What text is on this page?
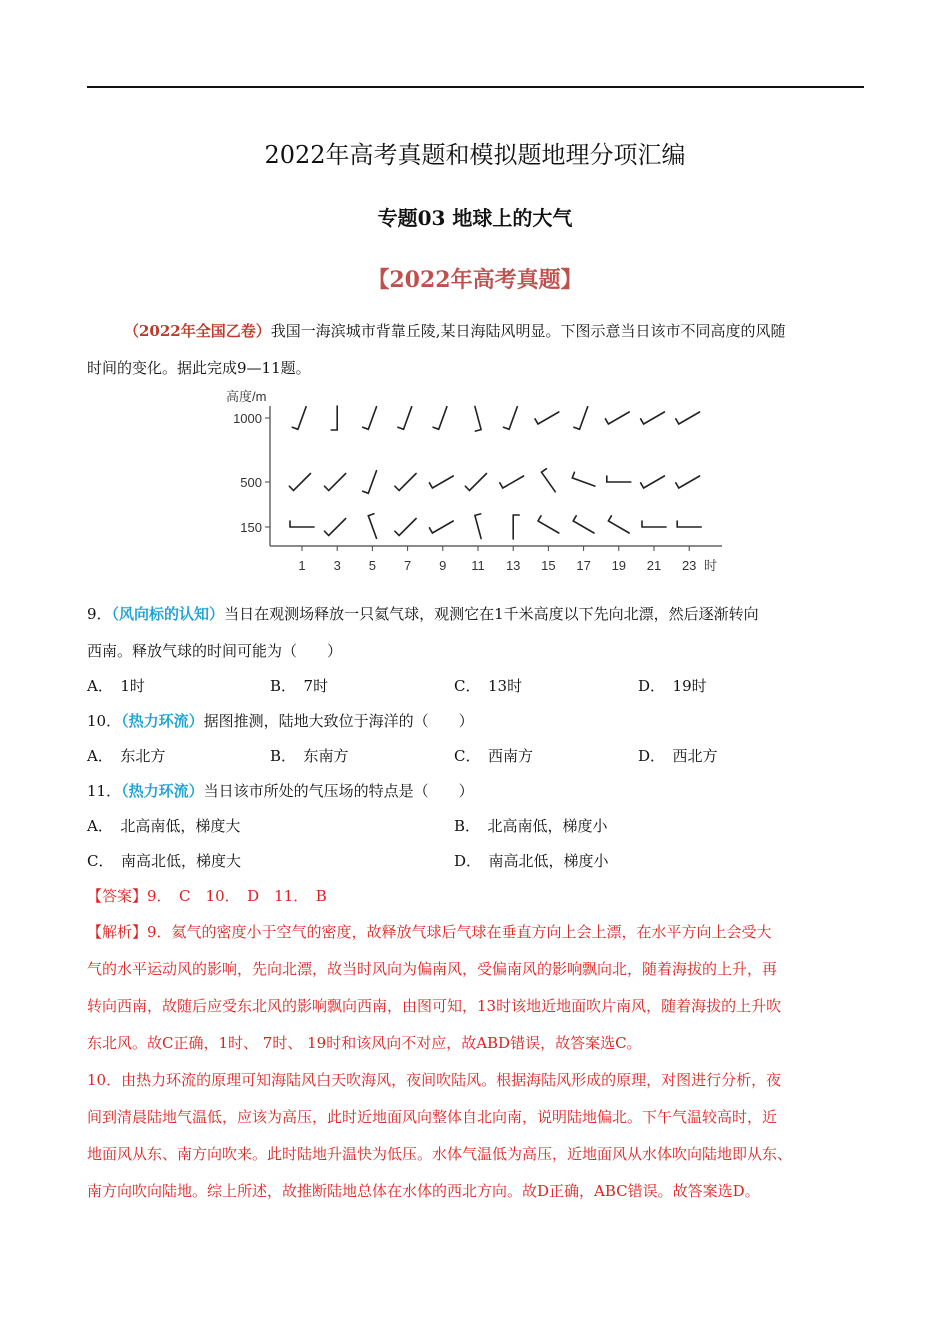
2022年高考真题和模拟题地理分项汇编
专题03 地球上的大气
【2022年高考真题】
（2022年全国乙卷）我国一海滨城市背靠丘陵,某日海陆风明显。下图示意当日该市不同高度的风随
时间的变化。据此完成9—11题。
高度/m
1000
500
150
1 3 5 7 9 11 13 15 17 19 21 23 时
9．（风向标的认知）当日在观测场释放一只氦气球，观测它在1千米高度以下先向北漂，然后逐渐转向
西南。释放气球的时间可能为（　　）
A．　1时	B．　7时	C．　13时	D．　19时
10．（热力环流）据图推测，陆地大致位于海洋的（　　）
A．　东北方	B．　东南方	C．　西南方	D．　西北方
11．（热力环流）当日该市所处的气压场的特点是（　　）
A．　北高南低，梯度大	B．　北高南低，梯度小
C．　南高北低，梯度大	D．　南高北低，梯度小
【答案】9．　C　10．　D　11．　B
【解析】9．氦气的密度小于空气的密度，故释放气球后气球在垂直方向上会上漂，在水平方向上会受大
气的水平运动风的影响，先向北漂，故当时风向为偏南风，受偏南风的影响飘向北，随着海拔的上升，再
转向西南，故随后应受东北风的影响飘向西南，由图可知，13时该地近地面吹片南风，随着海拔的上升吹
东北风。故C正确，1时、 7时、 19时和该风向不对应，故ABD错误，故答案选C。
10．由热力环流的原理可知海陆风白天吹海风，夜间吹陆风。根据海陆风形成的原理，对图进行分析，夜
间到清晨陆地气温低，应该为高压，此时近地面风向整体自北向南，说明陆地偏北。下午气温较高时，近
地面风从东、南方向吹来。此时陆地升温快为低压。水体气温低为高压，近地面风从水体吹向陆地即从东、
南方向吹向陆地。综上所述，故推断陆地总体在水体的西北方向。故D正确，ABC错误。故答案选D。
